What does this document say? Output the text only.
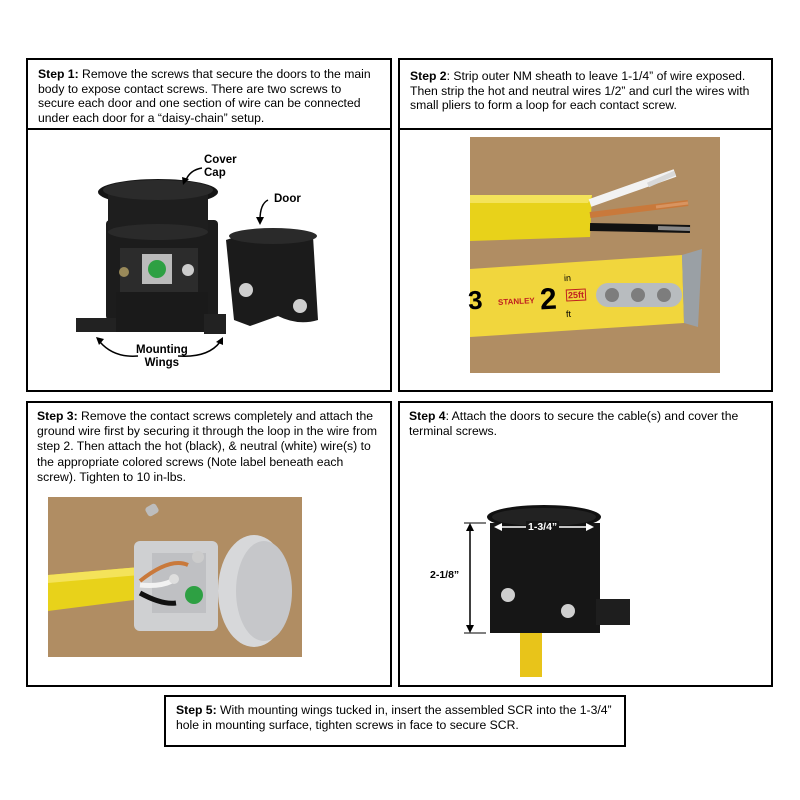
Step 1: Remove the screws that secure the doors to the main body to expose contact screws. There are two screws to secure each door and one section of wire can be connected under each door for a “daisy-chain” setup.
Step 2: Strip outer NM sheath to leave 1-1/4” of wire exposed. Then strip the hot and neutral wires 1/2” and curl the wires with small pliers to form a loop for each contact screw.
Cover
Cap
Door
Mounting
Wings
3 STANLEY 2 25ft
in
ft
Step 3: Remove the contact screws completely and attach the ground wire first by securing it through the loop in the wire from step 2. Then attach the hot (black), & neutral (white) wire(s) to the appropriate colored screws (Note label beneath each screw). Tighten to 10 in-lbs.
Step 4: Attach the doors to secure the cable(s) and cover the terminal screws.
1-3/4”
2-1/8”
Step 5: With mounting wings tucked in, insert the assembled SCR into the 1-3/4” hole in mounting surface, tighten screws in face to secure SCR.
